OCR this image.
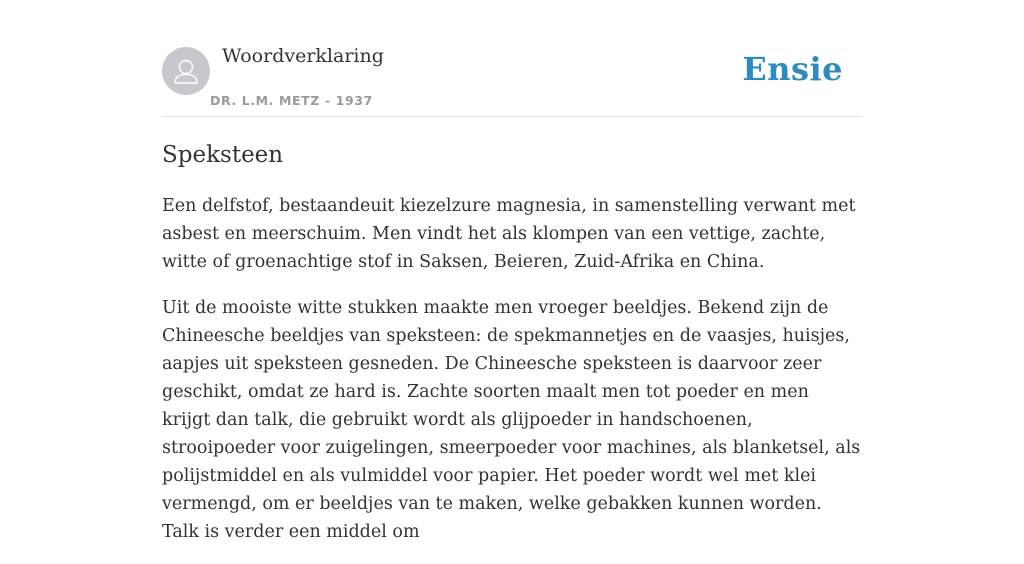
Woordverklaring
DR. L.M. METZ - 1937
Ensie
Speksteen

Een delfstof, bestaandeuit kiezelzure magnesia, in samenstelling verwant met asbest en meerschuim. Men vindt het als klompen van een vettige, zachte, witte of groenachtige stof in Saksen, Beieren, Zuid-Afrika en China.

Uit de mooiste witte stukken maakte men vroeger beeldjes. Bekend zijn de Chineesche beeldjes van speksteen: de spekmannetjes en de vaasjes, huisjes, aapjes uit speksteen gesneden. De Chineesche speksteen is daarvoor zeer geschikt, omdat ze hard is. Zachte soorten maalt men tot poeder en men krijgt dan talk, die gebruikt wordt als glijpoeder in handschoenen, strooipoeder voor zuigelingen, smeerpoeder voor machines, als blanketsel, als polijstmiddel en als vulmiddel voor papier. Het poeder wordt wel met klei vermengd, om er beeldjes van te maken, welke gebakken kunnen worden. Talk is verder een middel om
